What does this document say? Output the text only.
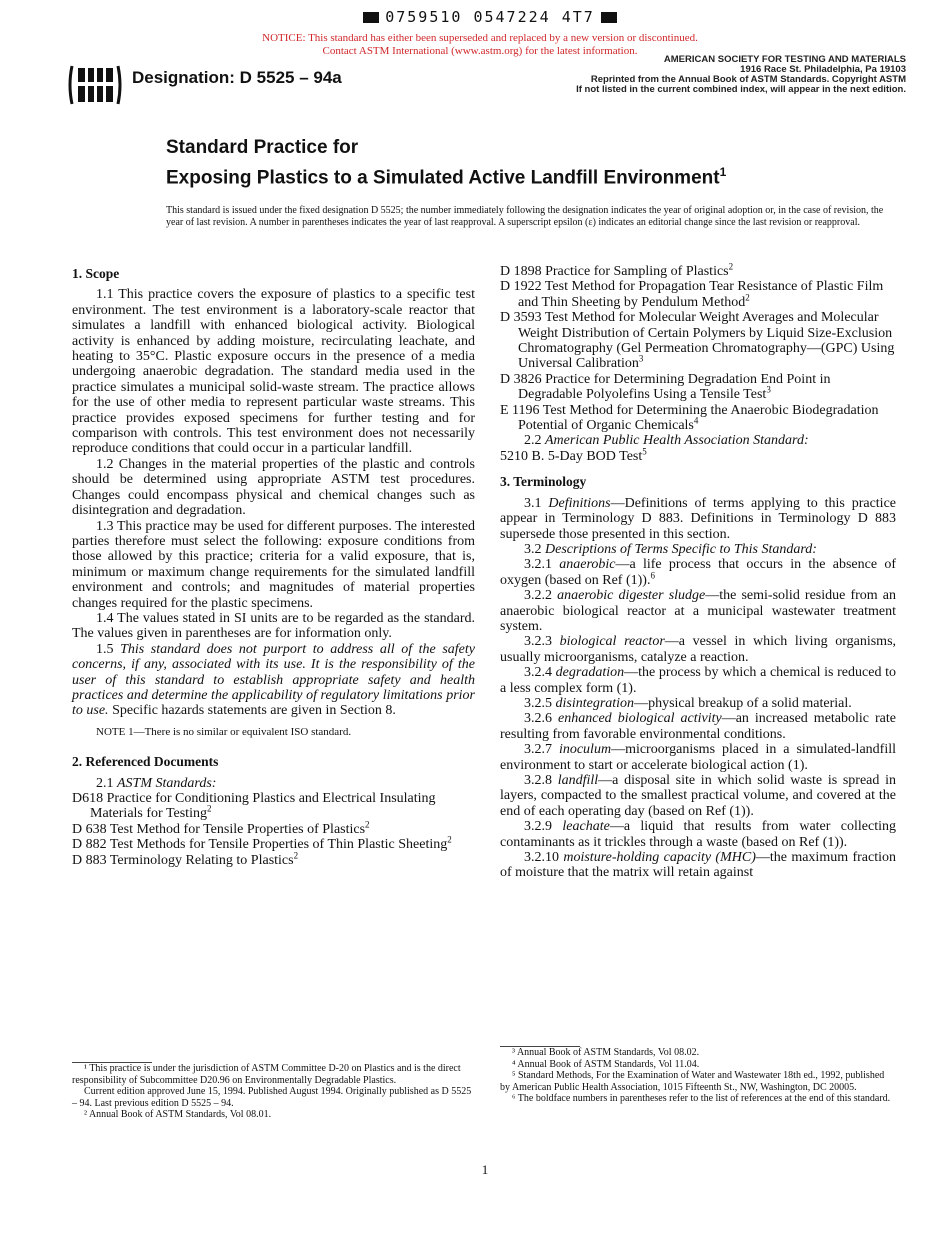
0759510 0547224 4T7
NOTICE: This standard has either been superseded and replaced by a new version or discontinued.
Contact ASTM International (www.astm.org) for the latest information.
AMERICAN SOCIETY FOR TESTING AND MATERIALS
1916 Race St. Philadelphia, Pa 19103
Reprinted from the Annual Book of ASTM Standards. Copyright ASTM
If not listed in the current combined index, will appear in the next edition.
Designation: D 5525 – 94a
Standard Practice for
Exposing Plastics to a Simulated Active Landfill Environment$^1$
This standard is issued under the fixed designation D 5525; the number immediately following the designation indicates the year of original adoption or, in the case of revision, the year of last revision. A number in parentheses indicates the year of last reapproval. A superscript epsilon (ε) indicates an editorial change since the last revision or reapproval.
1. Scope

1.1 This practice covers the exposure of plastics to a specific test environment. The test environment is a laboratory-scale reactor that simulates a landfill with enhanced biological activity. Biological activity is enhanced by adding moisture, recirculating leachate, and heating to 35°C. Plastic exposure occurs in the presence of a media undergoing anaerobic degradation. The standard media used in the practice simulates a municipal solid-waste stream. The practice allows for the use of other media to represent particular waste streams. This practice provides exposed specimens for further testing and for comparison with controls. This test environment does not necessarily reproduce conditions that could occur in a particular landfill.

1.2 Changes in the material properties of the plastic and controls should be determined using appropriate ASTM test procedures. Changes could encompass physical and chemical changes such as disintegration and degradation.

1.3 This practice may be used for different purposes. The interested parties therefore must select the following: exposure conditions from those allowed by this practice; criteria for a valid exposure, that is, minimum or maximum change requirements for the simulated landfill environment and controls; and magnitudes of material properties changes required for the plastic specimens.

1.4 The values stated in SI units are to be regarded as the standard. The values given in parentheses are for information only.

1.5 This standard does not purport to address all of the safety concerns, if any, associated with its use. It is the responsibility of the user of this standard to establish appropriate safety and health practices and determine the applicability of regulatory limitations prior to use. Specific hazards statements are given in Section 8.

NOTE 1—There is no similar or equivalent ISO standard.

2. Referenced Documents

2.1 ASTM Standards:

D618 Practice for Conditioning Plastics and Electrical Insulating Materials for Testing$^2$

D 638 Test Method for Tensile Properties of Plastics$^2$

D 882 Test Methods for Tensile Properties of Thin Plastic Sheeting$^2$

D 883 Terminology Relating to Plastics$^2$

D 1898 Practice for Sampling of Plastics$^2$

D 1922 Test Method for Propagation Tear Resistance of Plastic Film and Thin Sheeting by Pendulum Method$^2$

D 3593 Test Method for Molecular Weight Averages and Molecular Weight Distribution of Certain Polymers by Liquid Size-Exclusion Chromatography (Gel Permeation Chromatography—(GPC) Using Universal Calibration$^3$

D 3826 Practice for Determining Degradation End Point in Degradable Polyolefins Using a Tensile Test$^3$

E 1196 Test Method for Determining the Anaerobic Biodegradation Potential of Organic Chemicals$^4$

2.2 American Public Health Association Standard:

5210 B. 5-Day BOD Test$^5$

3. Terminology

3.1 Definitions—Definitions of terms applying to this practice appear in Terminology D 883. Definitions in Terminology D 883 supersede those presented in this section.

3.2 Descriptions of Terms Specific to This Standard:

3.2.1 anaerobic—a life process that occurs in the absence of oxygen (based on Ref (1)).$^6$

3.2.2 anaerobic digester sludge—the semi-solid residue from an anaerobic biological reactor at a municipal wastewater treatment system.

3.2.3 biological reactor—a vessel in which living organisms, usually microorganisms, catalyze a reaction.

3.2.4 degradation—the process by which a chemical is reduced to a less complex form (1).

3.2.5 disintegration—physical breakup of a solid material.

3.2.6 enhanced biological activity—an increased metabolic rate resulting from favorable environmental conditions.

3.2.7 inoculum—microorganisms placed in a simulated-landfill environment to start or accelerate biological action (1).

3.2.8 landfill—a disposal site in which solid waste is spread in layers, compacted to the smallest practical volume, and covered at the end of each operating day (based on Ref (1)).

3.2.9 leachate—a liquid that results from water collecting contaminants as it trickles through a waste (based on Ref (1)).

3.2.10 moisture-holding capacity (MHC)—the maximum fraction of moisture that the matrix will retain against

¹ This practice is under the jurisdiction of ASTM Committee D-20 on Plastics and is the direct responsibility of Subcommittee D20.96 on Environmentally Degradable Plastics.

Current edition approved June 15, 1994. Published August 1994. Originally published as D 5525 – 94. Last previous edition D 5525 – 94.

² Annual Book of ASTM Standards, Vol 08.01.

³ Annual Book of ASTM Standards, Vol 08.02.

⁴ Annual Book of ASTM Standards, Vol 11.04.

⁵ Standard Methods, For the Examination of Water and Wastewater 18th ed., 1992, published by American Public Health Association, 1015 Fifteenth St., NW, Washington, DC 20005.

⁶ The boldface numbers in parentheses refer to the list of references at the end of this standard.

1
